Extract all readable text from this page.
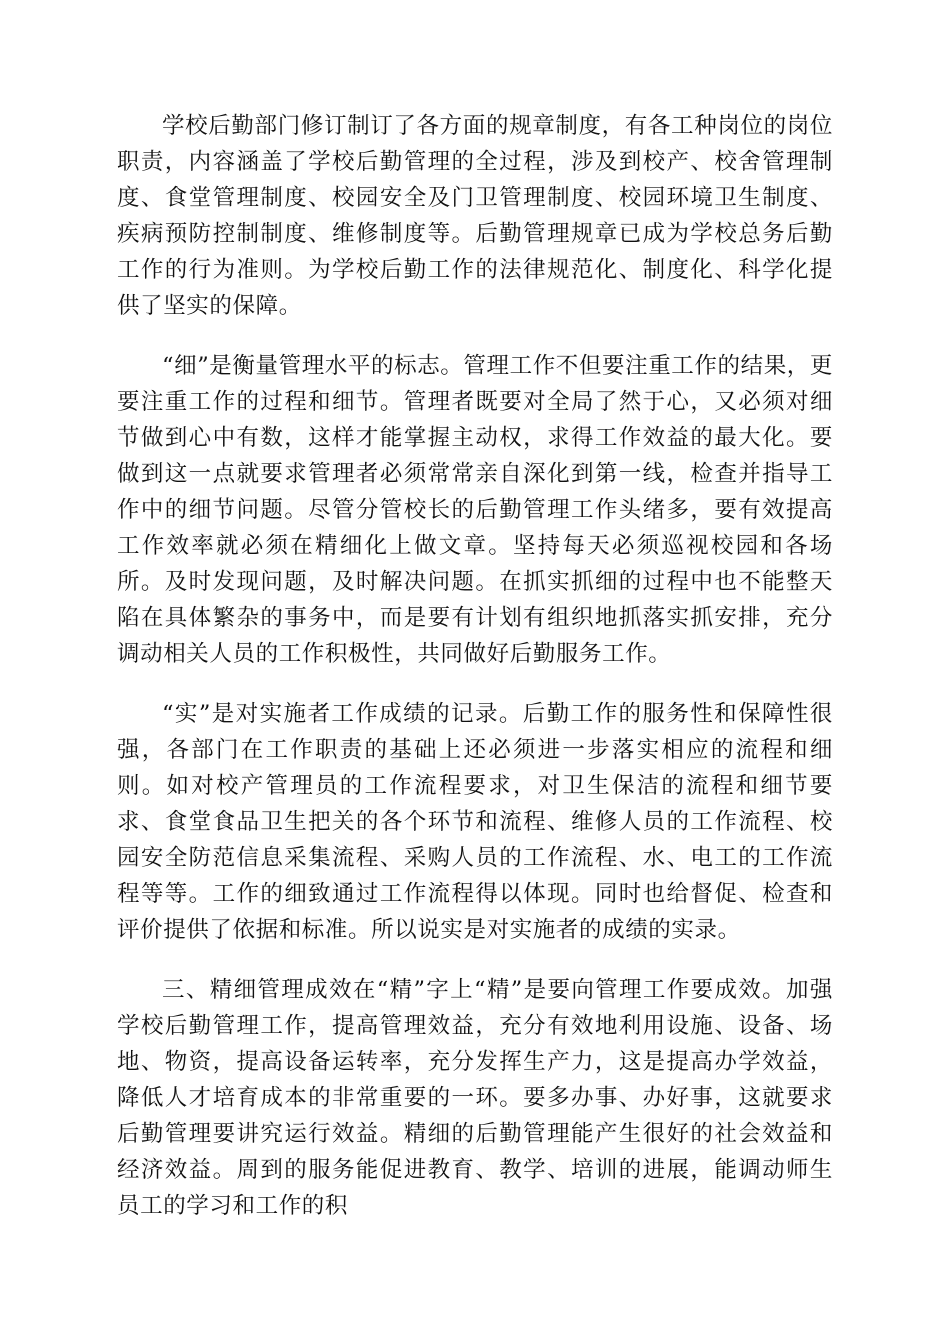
学校后勤部门修订制订了各方面的规章制度，有各工种岗位的岗位职责，内容涵盖了学校后勤管理的全过程，涉及到校产、校舍管理制度、食堂管理制度、校园安全及门卫管理制度、校园环境卫生制度、疾病预防控制制度、维修制度等。后勤管理规章已成为学校总务后勤工作的行为准则。为学校后勤工作的法律规范化、制度化、科学化提供了坚实的保障。

“细”是衡量管理水平的标志。管理工作不但要注重工作的结果，更要注重工作的过程和细节。管理者既要对全局了然于心，又必须对细节做到心中有数，这样才能掌握主动权，求得工作效益的最大化。要做到这一点就要求管理者必须常常亲自深化到第一线，检查并指导工作中的细节问题。尽管分管校长的后勤管理工作头绪多，要有效提高工作效率就必须在精细化上做文章。坚持每天必须巡视校园和各场所。及时发现问题，及时解决问题。在抓实抓细的过程中也不能整天陷在具体繁杂的事务中，而是要有计划有组织地抓落实抓安排，充分调动相关人员的工作积极性，共同做好后勤服务工作。

“实”是对实施者工作成绩的记录。后勤工作的服务性和保障性很强，各部门在工作职责的基础上还必须进一步落实相应的流程和细则。如对校产管理员的工作流程要求，对卫生保洁的流程和细节要求、食堂食品卫生把关的各个环节和流程、维修人员的工作流程、校园安全防范信息采集流程、采购人员的工作流程、水、电工的工作流程等等。工作的细致通过工作流程得以体现。同时也给督促、检查和评价提供了依据和标准。所以说实是对实施者的成绩的实录。

三、精细管理成效在“精”字上“精”是要向管理工作要成效。加强学校后勤管理工作，提高管理效益，充分有效地利用设施、设备、场地、物资，提高设备运转率，充分发挥生产力，这是提高办学效益，降低人才培育成本的非常重要的一环。要多办事、办好事，这就要求后勤管理要讲究运行效益。精细的后勤管理能产生很好的社会效益和经济效益。周到的服务能促进教育、教学、培训的进展，能调动师生员工的学习和工作的积
